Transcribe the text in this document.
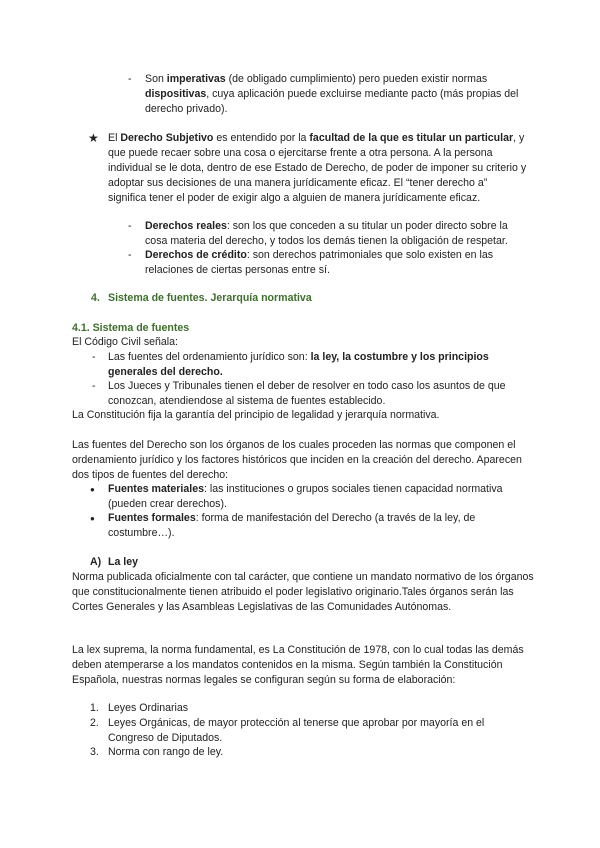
-	Son imperativas (de obligado cumplimiento) pero pueden existir normas dispositivas, cuya aplicación puede excluirse mediante pacto (más propias del derecho privado).

★ El Derecho Subjetivo es entendido por la facultad de la que es titular un particular, y que puede recaer sobre una cosa o ejercitarse frente a otra persona. A la persona individual se le dota, dentro de ese Estado de Derecho, de poder de imponer su criterio y adoptar sus decisiones de una manera jurídicamente eficaz. El “tener derecho a” significa tener el poder de exigir algo a alguien de manera jurídicamente eficaz.

-	Derechos reales: son los que conceden a su titular un poder directo sobre la cosa materia del derecho, y todos los demás tienen la obligación de respetar.

-	Derechos de crédito: son derechos patrimoniales que solo existen en las relaciones de ciertas personas entre sí.

4. Sistema de fuentes. Jerarquía normativa

4.1. Sistema de fuentes

El Código Civil señala:

-	Las fuentes del ordenamiento jurídico son: la ley, la costumbre y los principios generales del derecho.

-	Los Jueces y Tribunales tienen el deber de resolver en todo caso los asuntos de que conozcan, atendiendose al sistema de fuentes establecido.

La Constitución fija la garantía del principio de legalidad y jerarquía normativa.

Las fuentes del Derecho son los órganos de los cuales proceden las normas que componen el ordenamiento jurídico y los factores históricos que inciden en la creación del derecho. Aparecen dos tipos de fuentes del derecho:

● Fuentes materiales: las instituciones o grupos sociales tienen capacidad normativa (pueden crear derechos).

● Fuentes formales: forma de manifestación del Derecho (a través de la ley, de costumbre…).

A) La ley

Norma publicada oficialmente con tal carácter, que contiene un mandato normativo de los órganos que constitucionalmente tienen atribuido el poder legislativo originario.Tales órganos serán las Cortes Generales y las Asambleas Legislativas de las Comunidades Autónomas.

La lex suprema, la norma fundamental, es La Constitución de 1978, con lo cual todas las demás deben atemperarse a los mandatos contenidos en la misma. Según también la Constitución Española, nuestras normas legales se configuran según su forma de elaboración:

1. Leyes Ordinarias

2. Leyes Orgánicas, de mayor protección al tenerse que aprobar por mayoría en el Congreso de Diputados.

3. Norma con rango de ley.
